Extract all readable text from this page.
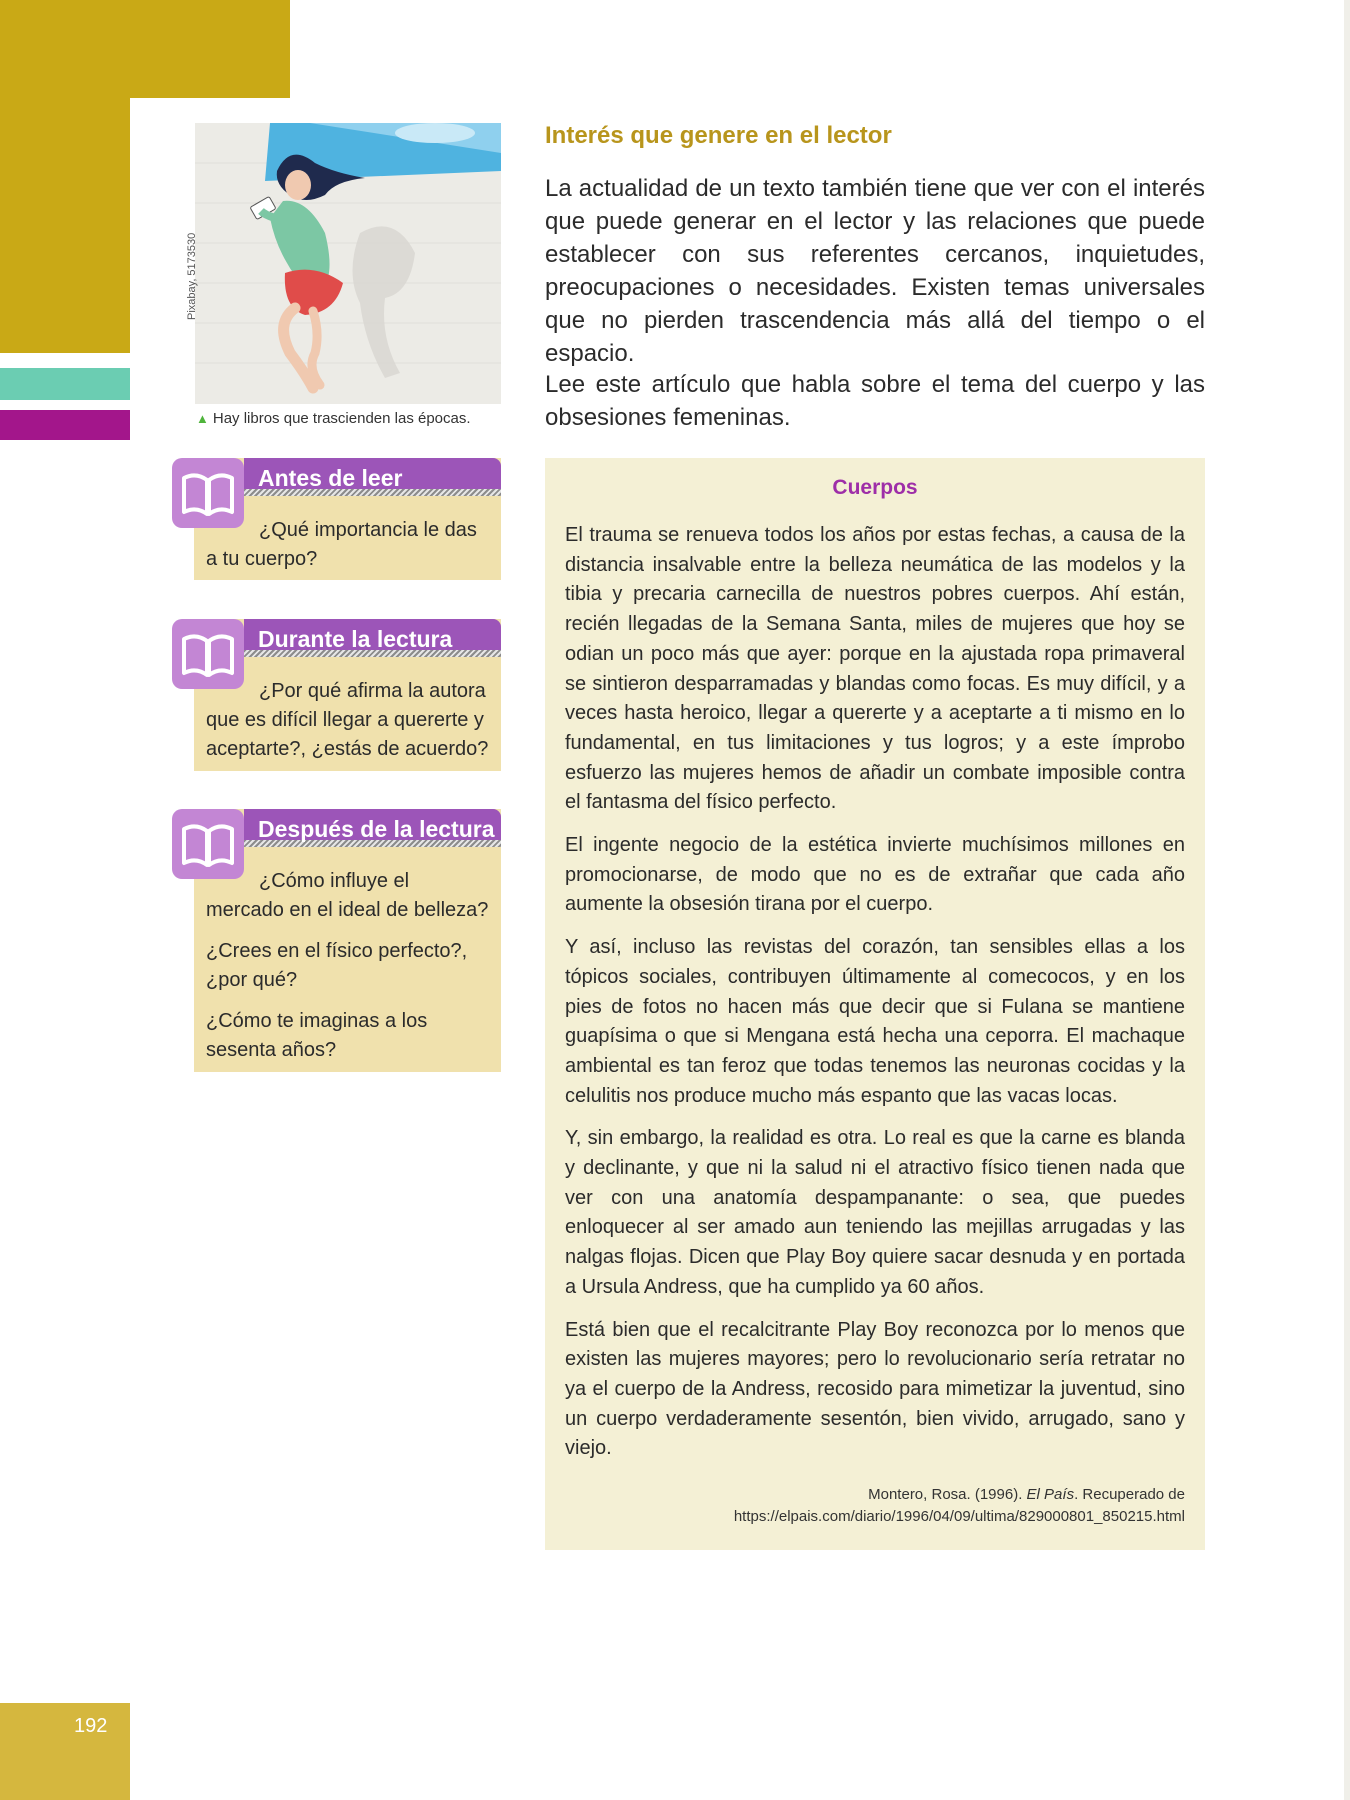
192
Pixabay, 5173530
▲ Hay libros que trascienden las épocas.
Antes de leer

¿Qué importancia le das a tu cuerpo?

Durante la lectura

¿Por qué afirma la autora que es difícil llegar a quererte y aceptarte?, ¿estás de acuerdo?

Después de la lectura

¿Cómo influye el mercado en el ideal de belleza?

¿Crees en el físico perfecto?, ¿por qué?

¿Cómo te imaginas a los sesenta años?

Interés que genere en el lector

La actualidad de un texto también tiene que ver con el interés que puede generar en el lector y las relaciones que puede establecer con sus referentes cercanos, inquietudes, preocupaciones o necesidades. Existen temas universales que no pierden trascendencia más allá del tiempo o el espacio.

Lee este artículo que habla sobre el tema del cuerpo y las obsesiones femeninas.

Cuerpos

El trauma se renueva todos los años por estas fechas, a causa de la distancia insalvable entre la belleza neumática de las modelos y la tibia y precaria carnecilla de nuestros pobres cuerpos. Ahí están, recién llegadas de la Semana Santa, miles de mujeres que hoy se odian un poco más que ayer: porque en la ajustada ropa primaveral se sintieron desparramadas y blandas como focas. Es muy difícil, y a veces hasta heroico, llegar a quererte y a aceptarte a ti mismo en lo fundamental, en tus limitaciones y tus logros; y a este ímprobo esfuerzo las mujeres hemos de añadir un combate imposible contra el fantasma del físico perfecto.

El ingente negocio de la estética invierte muchísimos millones en promocionarse, de modo que no es de extrañar que cada año aumente la obsesión tirana por el cuerpo.

Y así, incluso las revistas del corazón, tan sensibles ellas a los tópicos sociales, contribuyen últimamente al comecocos, y en los pies de fotos no hacen más que decir que si Fulana se mantiene guapísima o que si Mengana está hecha una ceporra. El machaque ambiental es tan feroz que todas tenemos las neuronas cocidas y la celulitis nos produce mucho más espanto que las vacas locas.

Y, sin embargo, la realidad es otra. Lo real es que la carne es blanda y declinante, y que ni la salud ni el atractivo físico tienen nada que ver con una anatomía despampanante: o sea, que puedes enloquecer al ser amado aun teniendo las mejillas arrugadas y las nalgas flojas. Dicen que Play Boy quiere sacar desnuda y en portada a Ursula Andress, que ha cumplido ya 60 años.

Está bien que el recalcitrante Play Boy reconozca por lo menos que existen las mujeres mayores; pero lo revolucionario sería retratar no ya el cuerpo de la Andress, recosido para mimetizar la juventud, sino un cuerpo verdaderamente sesentón, bien vivido, arrugado, sano y viejo.

Montero, Rosa. (1996). El País. Recuperado de
https://elpais.com/diario/1996/04/09/ultima/829000801_850215.html
